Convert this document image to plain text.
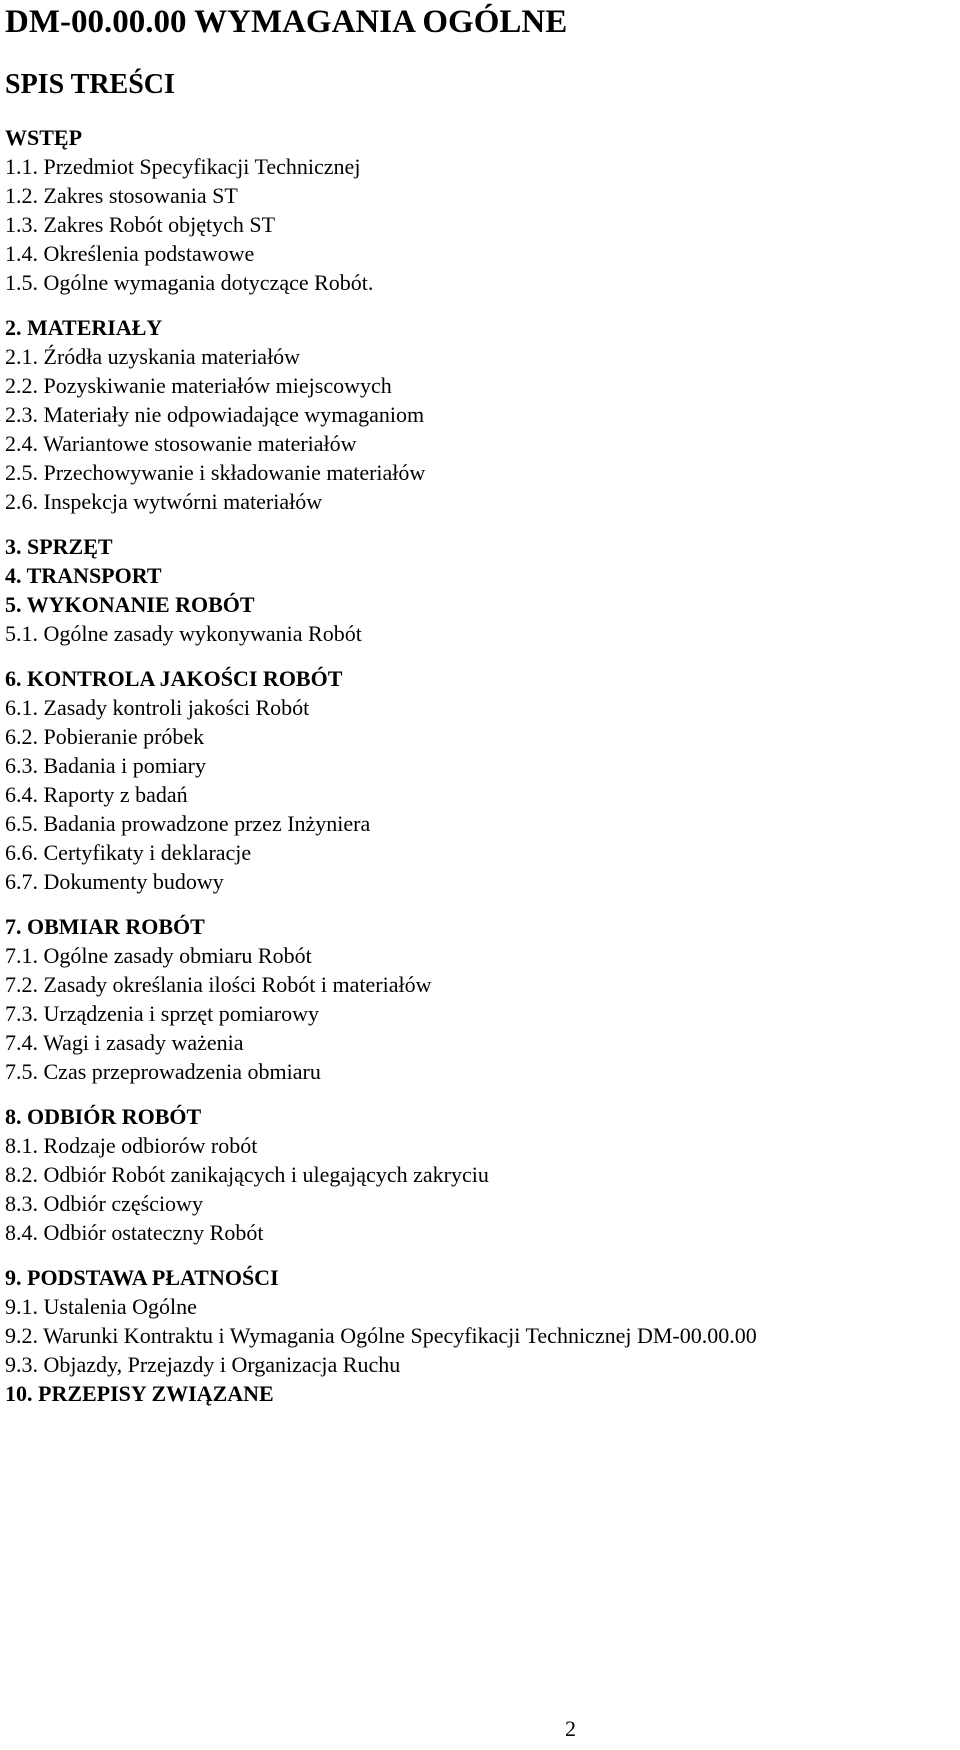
DM-00.00.00 WYMAGANIA OGÓLNE
SPIS TREŚCI

WSTĘP

1.1. Przedmiot Specyfikacji Technicznej

1.2. Zakres stosowania ST

1.3. Zakres Robót objętych ST

1.4. Określenia podstawowe

1.5. Ogólne wymagania dotyczące Robót.

2. MATERIAŁY

2.1. Źródła uzyskania materiałów

2.2. Pozyskiwanie materiałów miejscowych

2.3. Materiały nie odpowiadające wymaganiom

2.4. Wariantowe stosowanie materiałów

2.5. Przechowywanie i składowanie materiałów

2.6. Inspekcja wytwórni materiałów

3. SPRZĘT

4. TRANSPORT

5. WYKONANIE ROBÓT

5.1. Ogólne zasady wykonywania Robót

6. KONTROLA JAKOŚCI ROBÓT

6.1. Zasady kontroli jakości Robót

6.2. Pobieranie próbek

6.3. Badania i pomiary

6.4. Raporty z badań

6.5. Badania prowadzone przez Inżyniera

6.6. Certyfikaty i deklaracje

6.7. Dokumenty budowy

7. OBMIAR ROBÓT

7.1. Ogólne zasady obmiaru Robót

7.2. Zasady określania ilości Robót i materiałów

7.3. Urządzenia i sprzęt pomiarowy

7.4. Wagi i zasady ważenia

7.5. Czas przeprowadzenia obmiaru

8. ODBIÓR ROBÓT

8.1. Rodzaje odbiorów robót

8.2. Odbiór Robót zanikających i ulegających zakryciu

8.3. Odbiór częściowy

8.4. Odbiór ostateczny Robót

9. PODSTAWA PŁATNOŚCI

9.1. Ustalenia Ogólne

9.2. Warunki Kontraktu i Wymagania Ogólne Specyfikacji Technicznej DM-00.00.00

9.3. Objazdy, Przejazdy i Organizacja Ruchu

10. PRZEPISY ZWIĄZANE

2
